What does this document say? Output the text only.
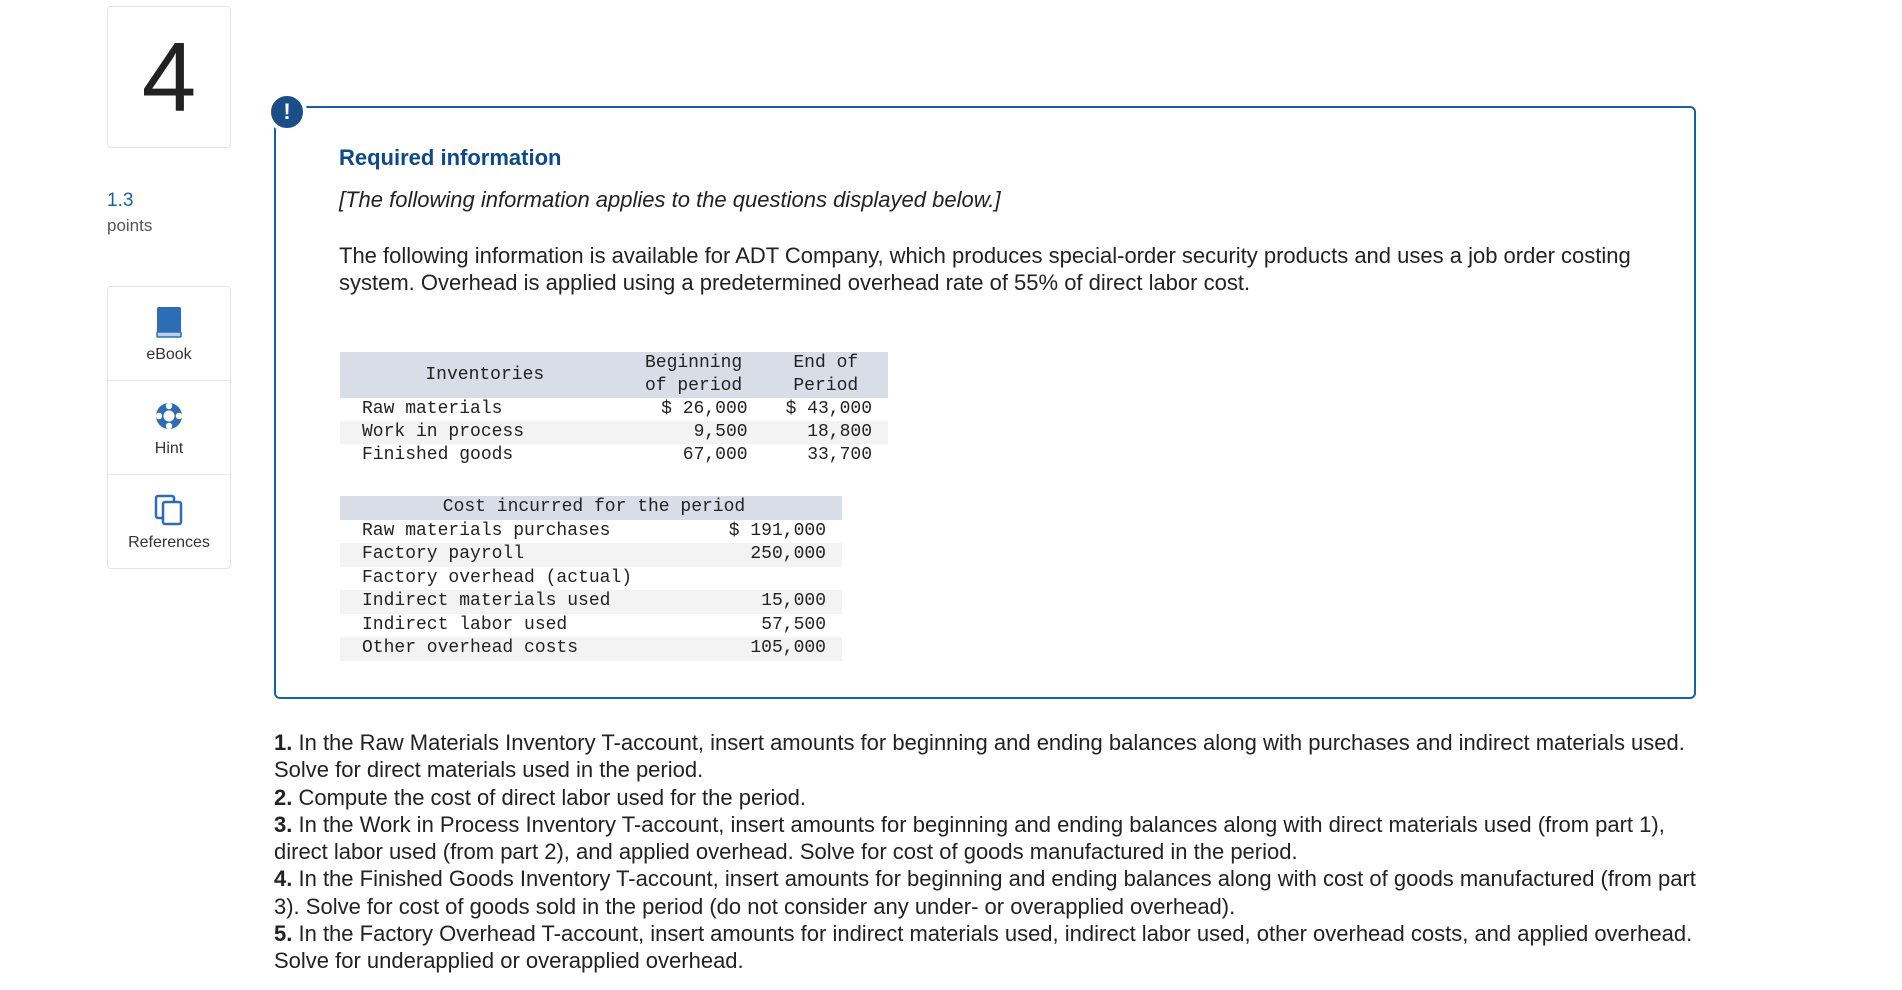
4
1.3
points
eBook
Hint
References
!
Required information
[The following information applies to the questions displayed below.]
The following information is available for ADT Company, which produces special-order security products and uses a job order costing system. Overhead is applied using a predetermined overhead rate of 55% of direct labor cost.
Inventories	Beginning of period	End of Period
Raw materials	$ 26,000	$ 43,000
Work in process	9,500	18,800
Finished goods	67,000	33,700
Cost incurred for the period	
Raw materials purchases	$ 191,000
Factory payroll	250,000
Factory overhead (actual)	
Indirect materials used	15,000
Indirect labor used	57,500
Other overhead costs	105,000
1. In the Raw Materials Inventory T-account, insert amounts for beginning and ending balances along with purchases and indirect materials used. Solve for direct materials used in the period.
2. Compute the cost of direct labor used for the period.
3. In the Work in Process Inventory T-account, insert amounts for beginning and ending balances along with direct materials used (from part 1), direct labor used (from part 2), and applied overhead. Solve for cost of goods manufactured in the period.
4. In the Finished Goods Inventory T-account, insert amounts for beginning and ending balances along with cost of goods manufactured (from part 3). Solve for cost of goods sold in the period (do not consider any under- or overapplied overhead).
5. In the Factory Overhead T-account, insert amounts for indirect materials used, indirect labor used, other overhead costs, and applied overhead. Solve for underapplied or overapplied overhead.
